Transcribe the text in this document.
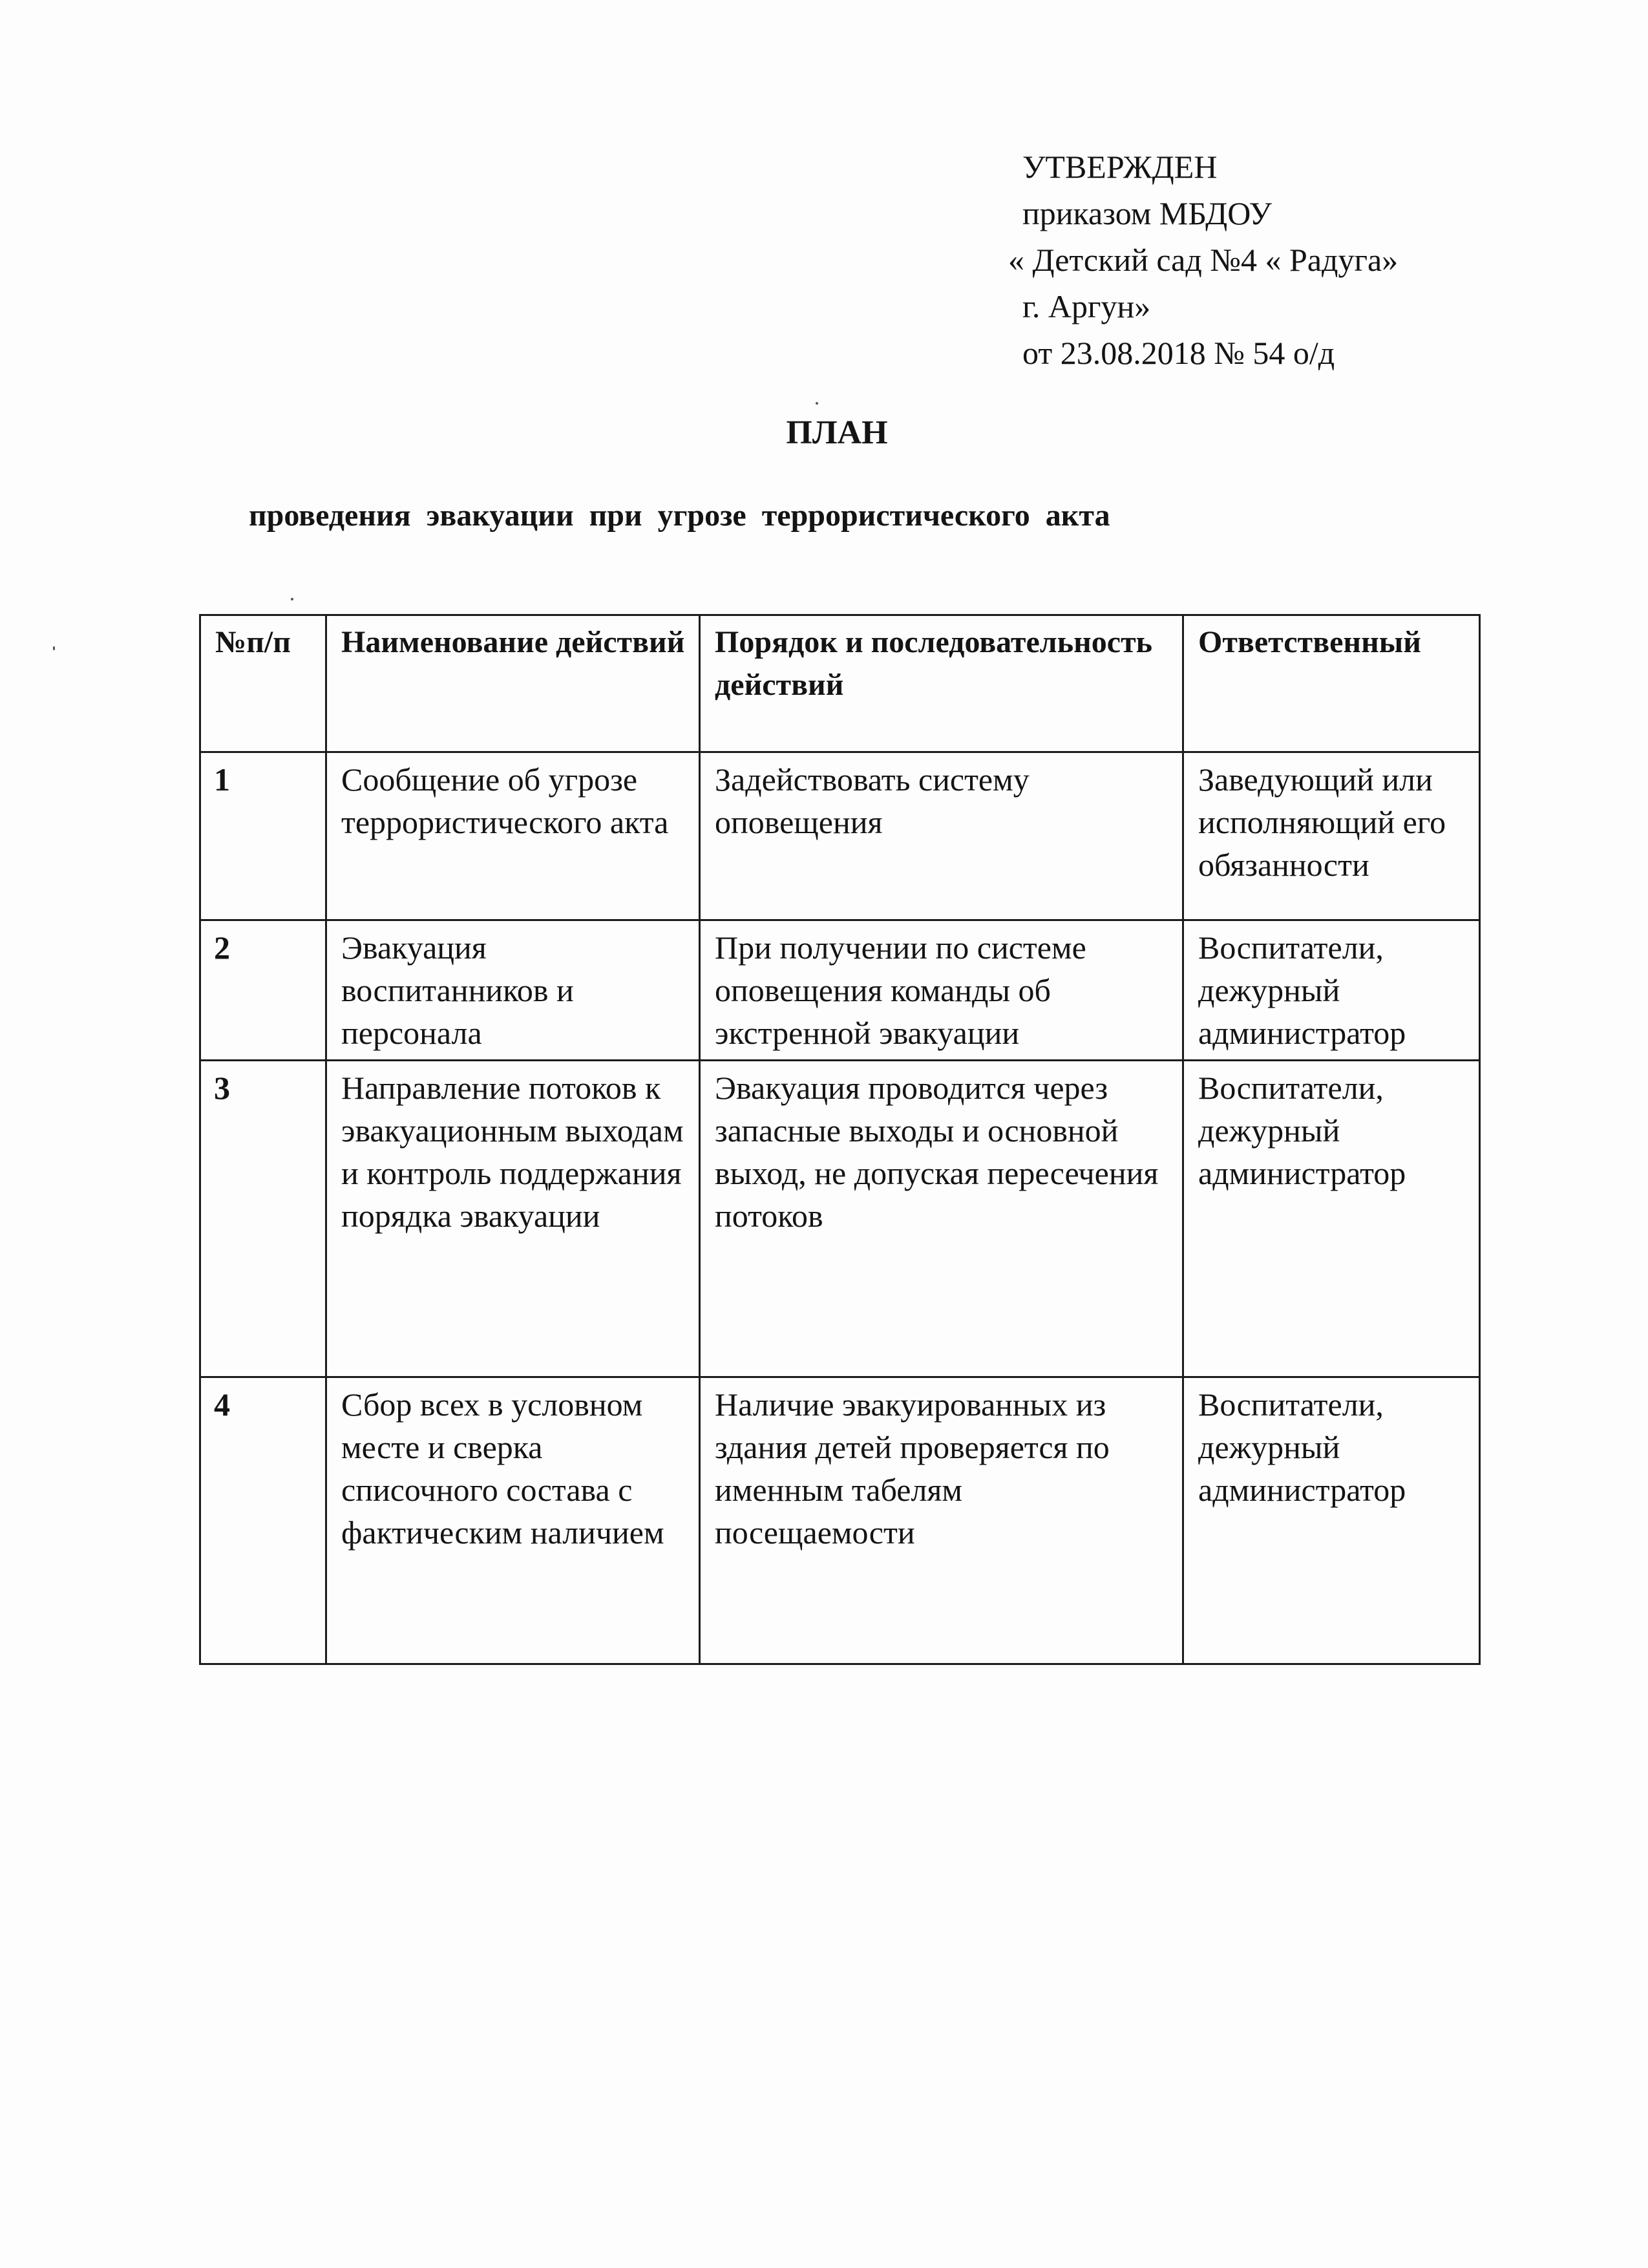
УТВЕРЖДЕН
приказом МБДОУ
« Детский сад №4 « Радуга»
г. Аргун»
от 23.08.2018 № 54 о/д
ПЛАН
проведения эвакуации при угрозе террористического акта
№п/п	Наименование действий	Порядок и последовательность действий	Ответственный
1	Сообщение об угрозе террористического акта	Задействовать систему оповещения	Заведующий или исполняющий его обязанности
2	Эвакуация воспитанников и персонала	При получении по системе оповещения команды об экстренной эвакуации	Воспитатели, дежурный администратор
3	Направление потоков к эвакуационным выходам и контроль поддержания порядка эвакуации	Эвакуация проводится через запасные выходы и основной выход, не допуская пересечения потоков	Воспитатели, дежурный администратор
4	Сбор всех в условном месте и сверка списочного состава с фактическим наличием	Наличие эвакуированных из здания детей проверяется по именным табелям посещаемости	Воспитатели, дежурный администратор
